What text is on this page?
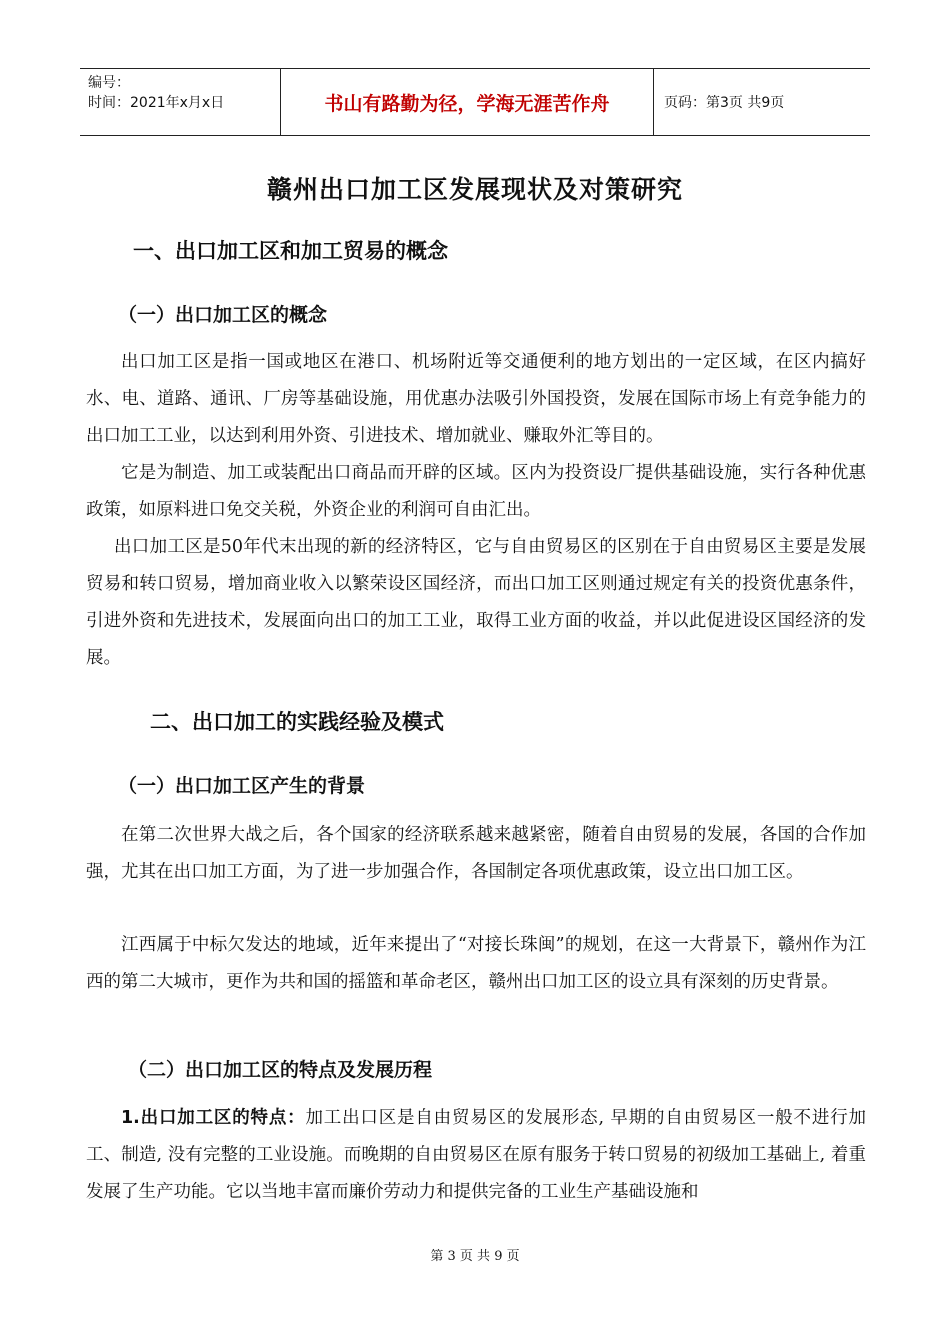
编号：
时间：2021年x月x日	书山有路勤为径，学海无涯苦作舟	页码：第3页 共9页
赣州出口加工区发展现状及对策研究
一、出口加工区和加工贸易的概念
（一）出口加工区的概念
出口加工区是指一国或地区在港口、机场附近等交通便利的地方划出的一定区域，在区内搞好水、电、道路、通讯、厂房等基础设施，用优惠办法吸引外国投资，发展在国际市场上有竞争能力的出口加工工业，以达到利用外资、引进技术、增加就业、赚取外汇等目的。
它是为制造、加工或装配出口商品而开辟的区域。区内为投资设厂提供基础设施，实行各种优惠政策，如原料进口免交关税，外资企业的利润可自由汇出。
出口加工区是50年代末出现的新的经济特区，它与自由贸易区的区别在于自由贸易区主要是发展贸易和转口贸易，增加商业收入以繁荣设区国经济，而出口加工区则通过规定有关的投资优惠条件，引进外资和先进技术，发展面向出口的加工工业，取得工业方面的收益，并以此促进设区国经济的发展。
二、出口加工的实践经验及模式
（一）出口加工区产生的背景
在第二次世界大战之后，各个国家的经济联系越来越紧密，随着自由贸易的发展，各国的合作加强，尤其在出口加工方面，为了进一步加强合作，各国制定各项优惠政策，设立出口加工区。
江西属于中标欠发达的地域，近年来提出了“对接长珠闽”的规划，在这一大背景下，赣州作为江西的第二大城市，更作为共和国的摇篮和革命老区，赣州出口加工区的设立具有深刻的历史背景。
（二）出口加工区的特点及发展历程
1.出口加工区的特点：加工出口区是自由贸易区的发展形态, 早期的自由贸易区一般不进行加工、制造, 没有完整的工业设施。而晚期的自由贸易区在原有服务于转口贸易的初级加工基础上, 着重发展了生产功能。它以当地丰富而廉价劳动力和提供完备的工业生产基础设施和
第 3 页 共 9 页
